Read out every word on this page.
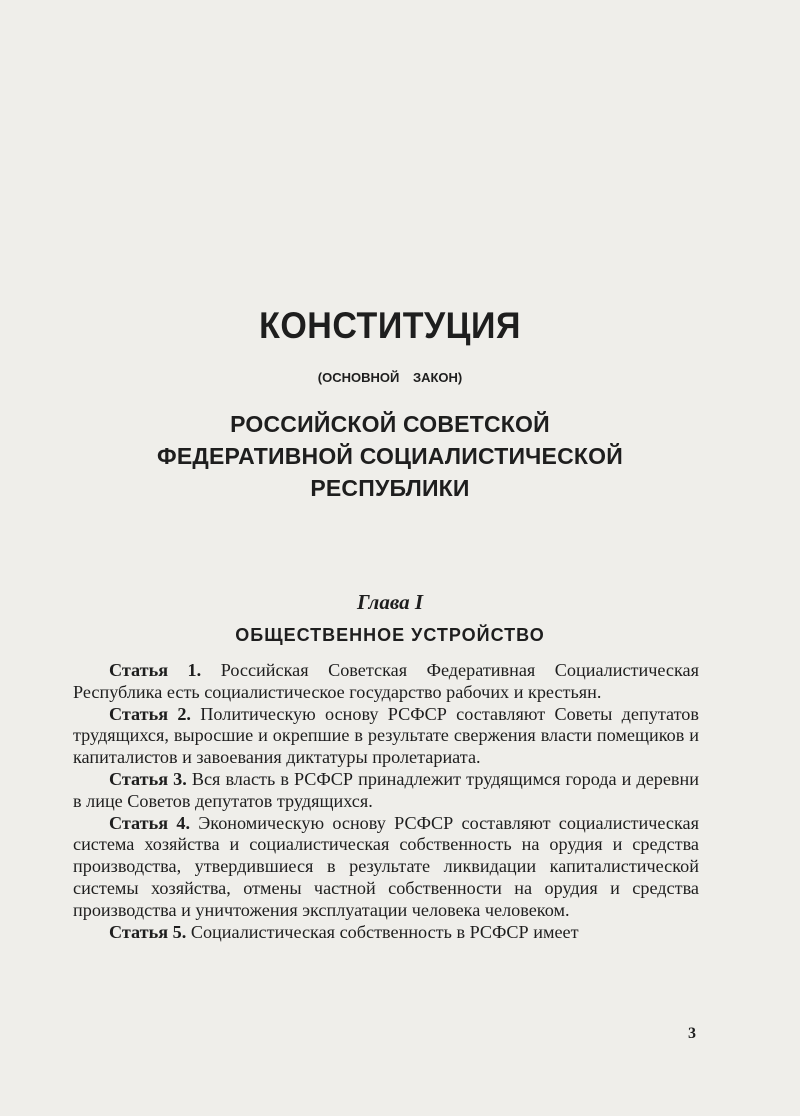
КОНСТИТУЦИЯ
(ОСНОВНОЙ ЗАКОН)
РОССИЙСКОЙ СОВЕТСКОЙ
ФЕДЕРАТИВНОЙ СОЦИАЛИСТИЧЕСКОЙ
РЕСПУБЛИКИ
Глава I
ОБЩЕСТВЕННОЕ УСТРОЙСТВО

Статья 1. Российская Советская Федеративная Социалистическая Республика есть социалистическое государство рабочих и крестьян.

Статья 2. Политическую основу РСФСР составляют Советы депутатов трудящихся, выросшие и окрепшие в результате свержения власти помещиков и капиталистов и завоевания диктатуры пролетариата.

Статья 3. Вся власть в РСФСР принадлежит трудящимся города и деревни в лице Советов депутатов трудящихся.

Статья 4. Экономическую основу РСФСР составляют социалистическая система хозяйства и социалистическая собственность на орудия и средства производства, утвердившиеся в результате ликвидации капиталистической системы хозяйства, отмены частной собственности на орудия и средства производства и уничтожения эксплуатации человека человеком.

Статья 5. Социалистическая собственность в РСФСР имеет

3
